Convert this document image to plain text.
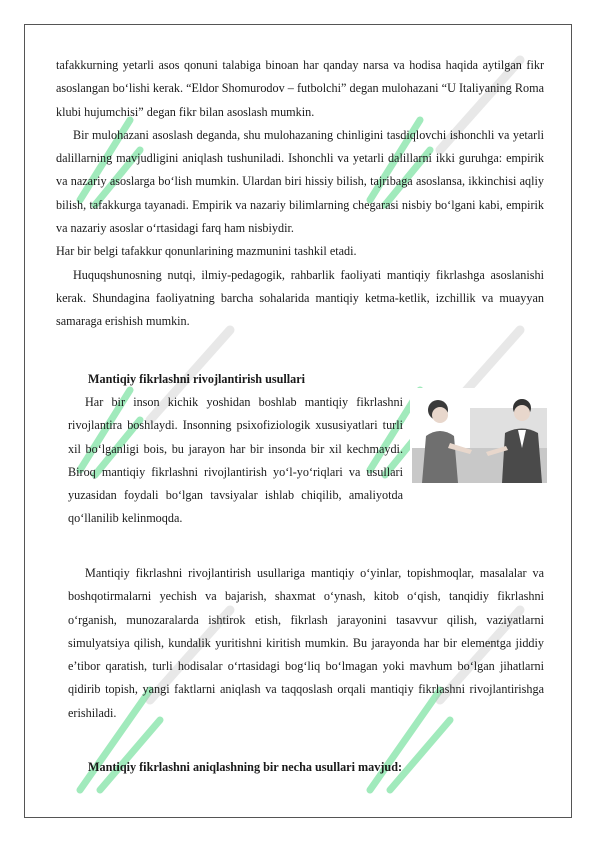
tafakkurning yetarli asos qonuni talabiga binoan har qanday narsa va hodisa haqida aytilgan fikr asoslangan bo‘lishi kerak. “Eldor Shomurodov – futbolchi” degan mulohazani “U Italiyaning Roma klubi hujumchisi” degan fikr bilan asoslash mumkin.

Bir mulohazani asoslash deganda, shu mulohazaning chinligini tasdiqlovchi ishonchli va yetarli dalillarning mavjudligini aniqlash tushuniladi. Ishonchli va yetarli dalillarni ikki guruhga: empirik va nazariy asoslarga bo‘lish mumkin. Ulardan biri hissiy bilish, tajribaga asoslansa, ikkinchisi aqliy bilish, tafakkurga tayanadi. Empirik va nazariy bilimlarning chegarasi nisbiy bo‘lgani kabi, empirik va nazariy asoslar o‘rtasidagi farq ham nisbiydir.

Har bir belgi tafakkur qonunlarining mazmunini tashkil etadi.

Huquqshunosning nutqi, ilmiy-pedagogik, rahbarlik faoliyati mantiqiy fikrlashga asoslanishi kerak. Shundagina faoliyatning barcha sohalarida mantiqiy ketma-ketlik, izchillik va muayyan samaraga erishish mumkin.

Mantiqiy fikrlashni rivojlantirish usullari

Har bir inson kichik yoshidan boshlab mantiqiy fikrlashni rivojlantira boshlaydi. Insonning psixofiziologik xususiyatlari turli xil bo‘lganligi bois, bu jarayon har bir insonda bir xil kechmaydi. Biroq mantiqiy fikrlashni rivojlantirish yo‘l-yo‘riqlari va usullari yuzasidan foydali bo‘lgan tavsiyalar ishlab chiqilib, amaliyotda qo‘llanilib kelinmoqda.

Mantiqiy fikrlashni rivojlantirish usullariga mantiqiy o‘yinlar, topishmoqlar, masalalar va boshqotirmalarni yechish va bajarish, shaxmat o‘ynash, kitob o‘qish, tanqidiy fikrlashni o‘rganish, munozaralarda ishtirok etish, fikrlash jarayonini tasavvur qilish, vaziyatlarni simulyatsiya qilish, kundalik yuritishni kiritish mumkin. Bu jarayonda har bir elementga jiddiy e’tibor qaratish, turli hodisalar o‘rtasidagi bog‘liq bo‘lmagan yoki mavhum bo‘lgan jihatlarni qidirib topish, yangi faktlarni aniqlash va taqqoslash orqali mantiqiy fikrlashni rivojlantirishga erishiladi.

Mantiqiy fikrlashni aniqlashning bir necha usullari mavjud:
